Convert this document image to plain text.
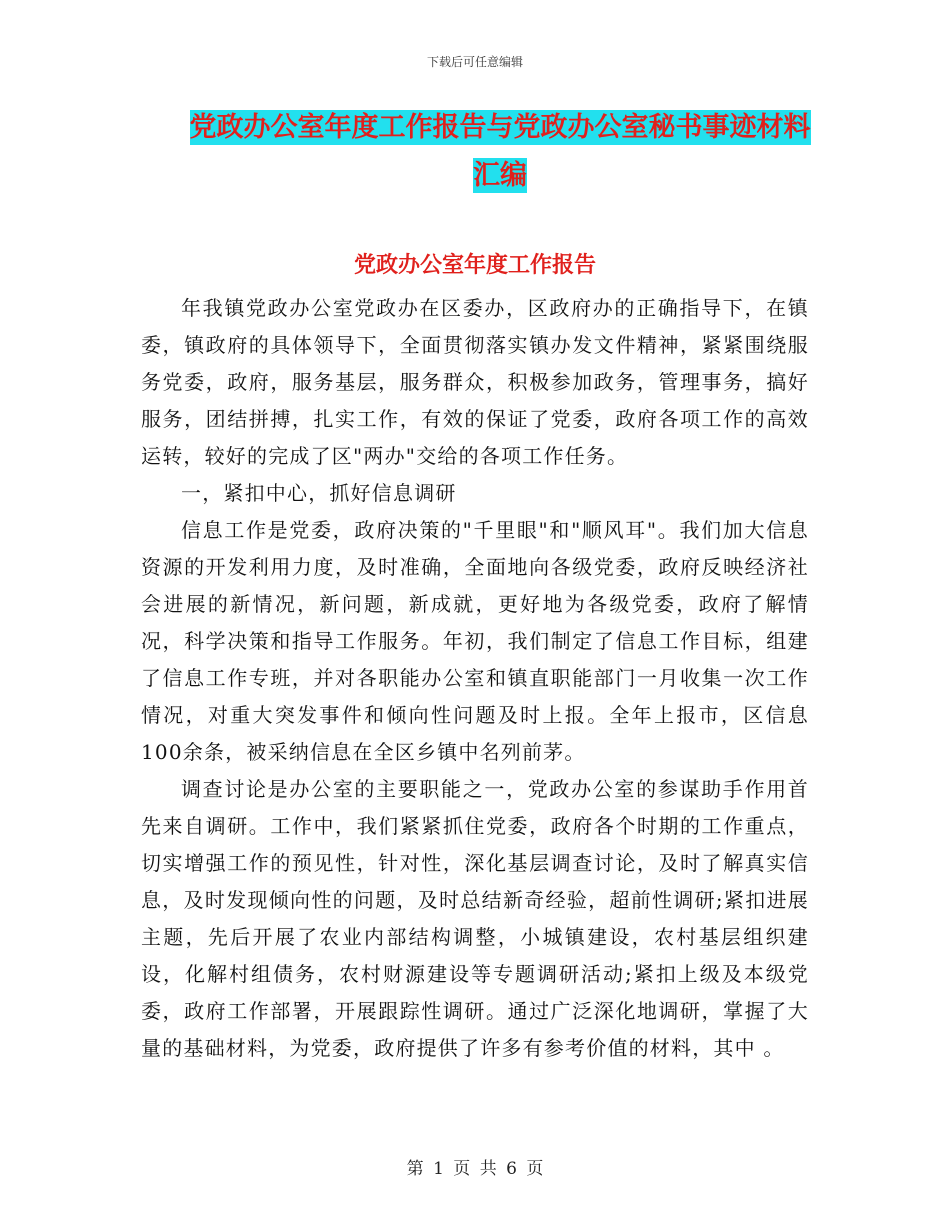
下载后可任意编辑
党政办公室年度工作报告与党政办公室秘书事迹材料
汇编
党政办公室年度工作报告

年我镇党政办公室党政办在区委办，区政府办的正确指导下，在镇委，镇政府的具体领导下，全面贯彻落实镇办发文件精神，紧紧围绕服务党委，政府，服务基层，服务群众，积极参加政务，管理事务，搞好服务，团结拼搏，扎实工作，有效的保证了党委，政府各项工作的高效运转，较好的完成了区"两办"交给的各项工作任务。

一，紧扣中心，抓好信息调研

信息工作是党委，政府决策的"千里眼"和"顺风耳"。我们加大信息资源的开发利用力度，及时准确，全面地向各级党委，政府反映经济社会进展的新情况，新问题，新成就，更好地为各级党委，政府了解情况，科学决策和指导工作服务。年初，我们制定了信息工作目标，组建了信息工作专班，并对各职能办公室和镇直职能部门一月收集一次工作情况，对重大突发事件和倾向性问题及时上报。全年上报市，区信息100余条，被采纳信息在全区乡镇中名列前茅。

调查讨论是办公室的主要职能之一，党政办公室的参谋助手作用首先来自调研。工作中，我们紧紧抓住党委，政府各个时期的工作重点，切实增强工作的预见性，针对性，深化基层调查讨论，及时了解真实信息，及时发现倾向性的问题，及时总结新奇经验，超前性调研;紧扣进展主题，先后开展了农业内部结构调整，小城镇建设，农村基层组织建设，化解村组债务，农村财源建设等专题调研活动;紧扣上级及本级党委，政府工作部署，开展跟踪性调研。通过广泛深化地调研，掌握了大量的基础材料，为党委，政府提供了许多有参考价值的材料，其中 。

第 1 页 共 6 页
